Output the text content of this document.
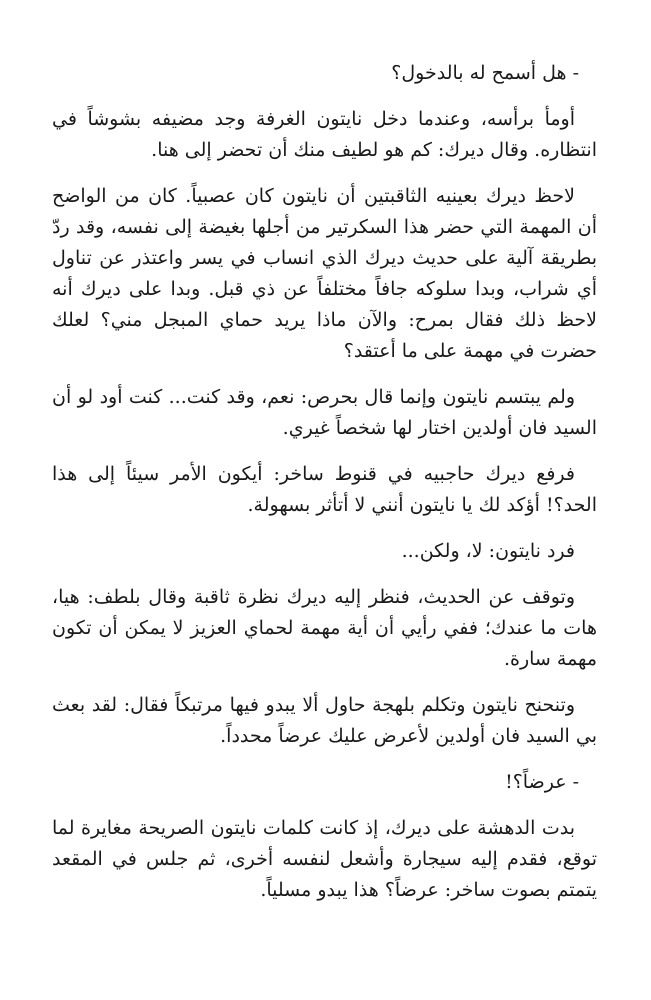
- هل أسمح له بالدخول؟

أومأ برأسه، وعندما دخل نايتون الغرفة وجد مضيفه بشوشاً في انتظاره. وقال ديرك: كم هو لطيف منك أن تحضر إلى هنا.

لاحظ ديرك بعينيه الثاقبتين أن نايتون كان عصبياً. كان من الواضح أن المهمة التي حضر هذا السكرتير من أجلها بغيضة إلى نفسه، وقد ردّ بطريقة آلية على حديث ديرك الذي انساب في يسر واعتذر عن تناول أي شراب، وبدا سلوكه جافاً مختلفاً عن ذي قبل. وبدا على ديرك أنه لاحظ ذلك فقال بمرح: والآن ماذا يريد حماي المبجل مني؟ لعلك حضرت في مهمة على ما أعتقد؟

ولم يبتسم نايتون وإنما قال بحرص: نعم، وقد كنت... كنت أود لو أن السيد فان أولدين اختار لها شخصاً غيري.

فرفع ديرك حاجبيه في قنوط ساخر: أيكون الأمر سيئاً إلى هذا الحد؟! أؤكد لك يا نايتون أنني لا أتأثر بسهولة.

فرد نايتون: لا، ولكن...

وتوقف عن الحديث، فنظر إليه ديرك نظرة ثاقبة وقال بلطف: هيا، هات ما عندك؛ ففي رأيي أن أية مهمة لحماي العزيز لا يمكن أن تكون مهمة سارة.

وتنحنح نايتون وتكلم بلهجة حاول ألا يبدو فيها مرتبكاً فقال: لقد بعث بي السيد فان أولدين لأعرض عليك عرضاً محدداً.

- عرضاً؟!

بدت الدهشة على ديرك، إذ كانت كلمات نايتون الصريحة مغايرة لما توقع، فقدم إليه سيجارة وأشعل لنفسه أخرى، ثم جلس في المقعد يتمتم بصوت ساخر: عرضاً؟ هذا يبدو مسلياً.
